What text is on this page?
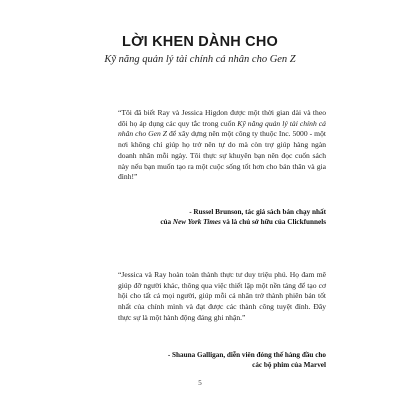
LỜI KHEN DÀNH CHO
Kỹ năng quản lý tài chính cá nhân cho Gen Z
“Tôi đã biết Ray và Jessica Higdon được một thời gian dài và theo dõi họ áp dụng các quy tắc trong cuốn Kỹ năng quản lý tài chính cá nhân cho Gen Z để xây dựng nên một công ty thuộc Inc. 5000 - một nơi không chỉ giúp họ trở nên tự do mà còn trợ giúp hàng ngàn doanh nhân mỗi ngày. Tôi thực sự khuyên bạn nên đọc cuốn sách này nếu bạn muốn tạo ra một cuộc sống tốt hơn cho bản thân và gia đình!”
- Russel Brunson, tác giả sách bán chạy nhất
của New York Times và là chủ sở hữu của Clickfunnels
“Jessica và Ray hoàn toàn thành thực tư duy triệu phú. Họ đam mê giúp đỡ người khác, thông qua việc thiết lập một nền tảng để tạo cơ hội cho tất cả mọi người, giúp mỗi cá nhân trở thành phiên bản tốt nhất của chính mình và đạt được các thành công tuyệt đỉnh. Đây thực sự là một hành động đáng ghi nhận.”
- Shauna Galligan, diễn viên đóng thế hàng đầu cho
các bộ phim của Marvel
5
